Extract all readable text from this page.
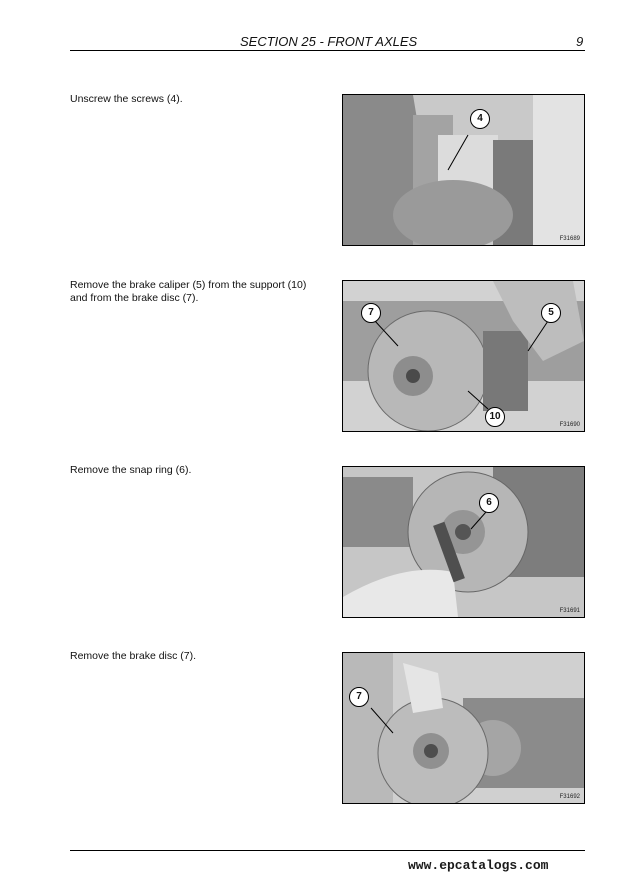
SECTION 25 - FRONT AXLES	9
Unscrew the screws (4).
4
F31689
Remove the brake caliper (5) from the support (10) and from the brake disc (7).
7	5
10
F31690
Remove the snap ring (6).
6
F31691
Remove the brake disc (7).
7
F31692
www.epcatalogs.com
